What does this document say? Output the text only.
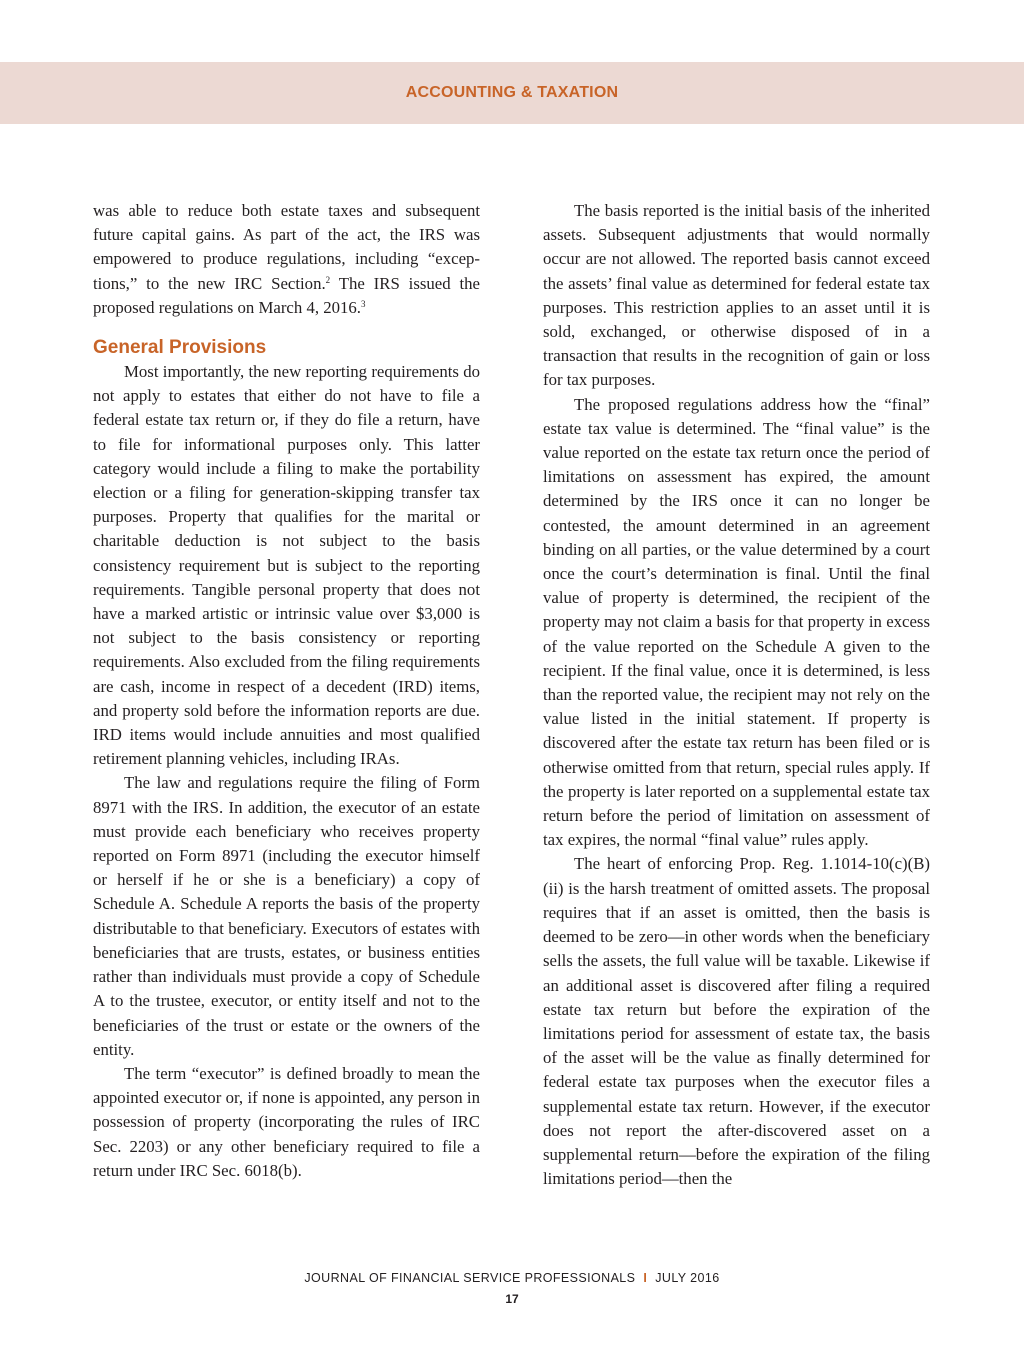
ACCOUNTING & TAXATION

was able to reduce both estate taxes and subsequent future capital gains. As part of the act, the IRS was empowered to produce regulations, including “exceptions,” to the new IRC Section.$^2$ The IRS issued the proposed regulations on March 4, 2016.$^3$

General Provisions

Most importantly, the new reporting requirements do not apply to estates that either do not have to file a federal estate tax return or, if they do file a return, have to file for informational purposes only. This latter category would include a filing to make the portability election or a filing for generation-skipping transfer tax purposes. Property that qualifies for the marital or charitable deduction is not subject to the basis consistency requirement but is subject to the reporting requirements. Tangible personal property that does not have a marked artistic or intrinsic value over $3,000 is not subject to the basis consistency or reporting requirements. Also excluded from the filing requirements are cash, income in respect of a decedent (IRD) items, and property sold before the information reports are due. IRD items would include annuities and most qualified retirement planning vehicles, including IRAs.

The law and regulations require the filing of Form 8971 with the IRS. In addition, the executor of an estate must provide each beneficiary who receives property reported on Form 8971 (including the executor himself or herself if he or she is a beneficiary) a copy of Schedule A. Schedule A reports the basis of the property distributable to that beneficiary. Executors of estates with beneficiaries that are trusts, estates, or business entities rather than individuals must provide a copy of Schedule A to the trustee, executor, or entity itself and not to the beneficiaries of the trust or estate or the owners of the entity.

The term “executor” is defined broadly to mean the appointed executor or, if none is appointed, any person in possession of property (incorporating the rules of IRC Sec. 2203) or any other beneficiary required to file a return under IRC Sec. 6018(b).

The basis reported is the initial basis of the inherited assets. Subsequent adjustments that would normally occur are not allowed. The reported basis cannot exceed the assets’ final value as determined for federal estate tax purposes. This restriction applies to an asset until it is sold, exchanged, or otherwise disposed of in a transaction that results in the recognition of gain or loss for tax purposes.

The proposed regulations address how the “final” estate tax value is determined. The “final value” is the value reported on the estate tax return once the period of limitations on assessment has expired, the amount determined by the IRS once it can no longer be contested, the amount determined in an agreement binding on all parties, or the value determined by a court once the court’s determination is final. Until the final value of property is determined, the recipient of the property may not claim a basis for that property in excess of the value reported on the Schedule A given to the recipient. If the final value, once it is determined, is less than the reported value, the recipient may not rely on the value listed in the initial statement. If property is discovered after the estate tax return has been filed or is otherwise omitted from that return, special rules apply. If the property is later reported on a supplemental estate tax return before the period of limitation on assessment of tax expires, the normal “final value” rules apply.

The heart of enforcing Prop. Reg. 1.1014-10(c)(B)(ii) is the harsh treatment of omitted assets. The proposal requires that if an asset is omitted, then the basis is deemed to be zero—in other words when the beneficiary sells the assets, the full value will be taxable. Likewise if an additional asset is discovered after filing a required estate tax return but before the expiration of the limitations period for assessment of estate tax, the basis of the asset will be the value as finally determined for federal estate tax purposes when the executor files a supplemental estate tax return. However, if the executor does not report the after-discovered asset on a supplemental return—before the expiration of the filing limitations period—then the

JOURNAL OF FINANCIAL SERVICE PROFESSIONALS I JULY 2016
17
